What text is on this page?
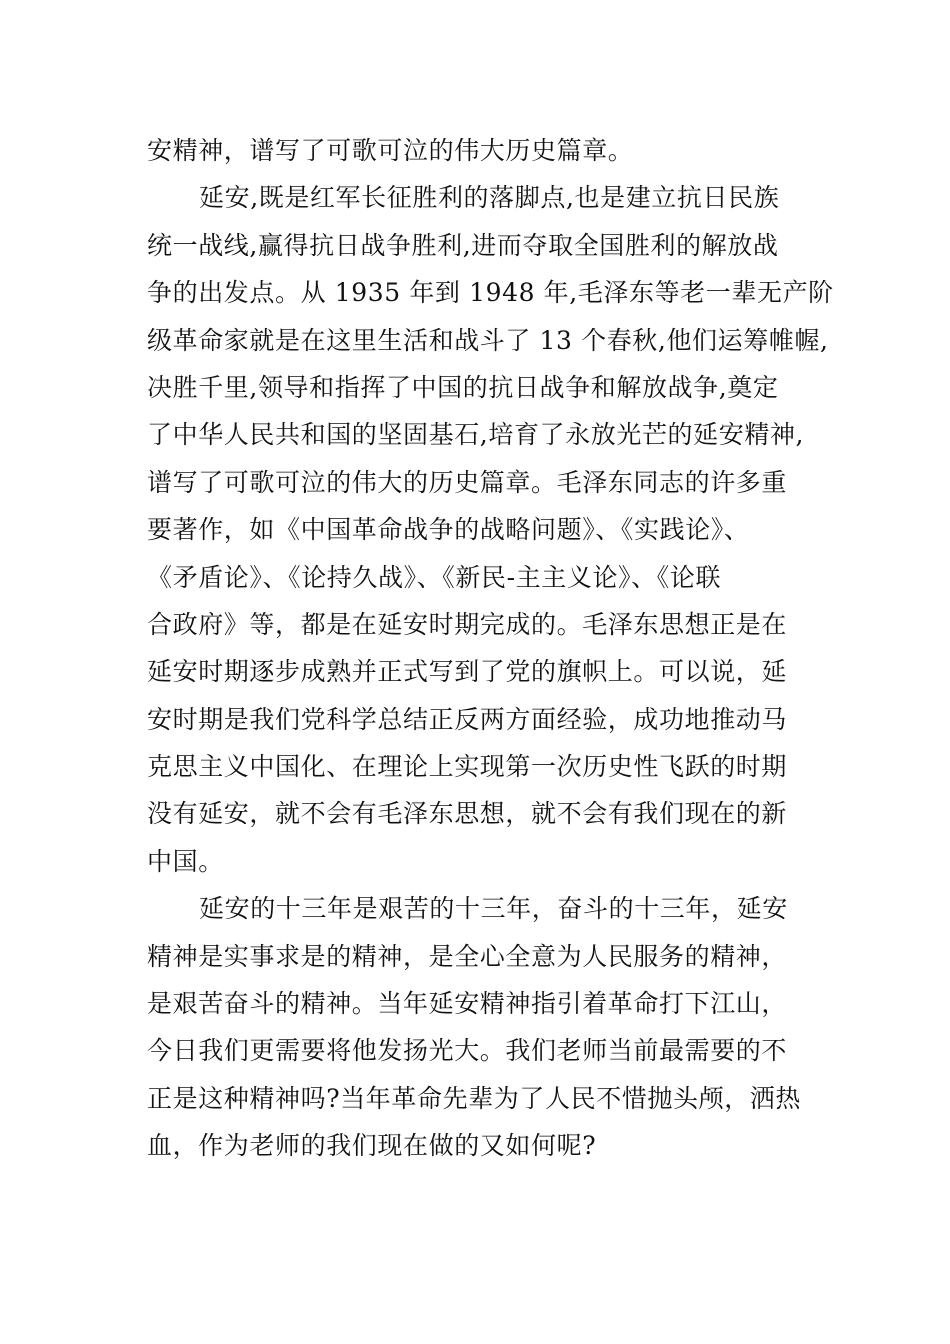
安精神，谱写了可歌可泣的伟大历史篇章。
延安,既是红军长征胜利的落脚点,也是建立抗日民族
统一战线,赢得抗日战争胜利,进而夺取全国胜利的解放战
争的出发点。从 1935 年到 1948 年,毛泽东等老一辈无产阶
级革命家就是在这里生活和战斗了 13 个春秋,他们运筹帷幄,
决胜千里,领导和指挥了中国的抗日战争和解放战争,奠定
了中华人民共和国的坚固基石,培育了永放光芒的延安精神,
谱写了可歌可泣的伟大的历史篇章。毛泽东同志的许多重
要著作，如《中国革命战争的战略问题》、《实践论》、
《矛盾论》、《论持久战》、《新民-主主义论》、《论联
合政府》等，都是在延安时期完成的。毛泽东思想正是在
延安时期逐步成熟并正式写到了党的旗帜上。可以说，延
安时期是我们党科学总结正反两方面经验，成功地推动马
克思主义中国化、在理论上实现第一次历史性飞跃的时期
没有延安，就不会有毛泽东思想，就不会有我们现在的新
中国。
延安的十三年是艰苦的十三年，奋斗的十三年，延安
精神是实事求是的精神，是全心全意为人民服务的精神，
是艰苦奋斗的精神。当年延安精神指引着革命打下江山，
今日我们更需要将他发扬光大。我们老师当前最需要的不
正是这种精神吗?当年革命先辈为了人民不惜抛头颅，洒热
血，作为老师的我们现在做的又如何呢?
